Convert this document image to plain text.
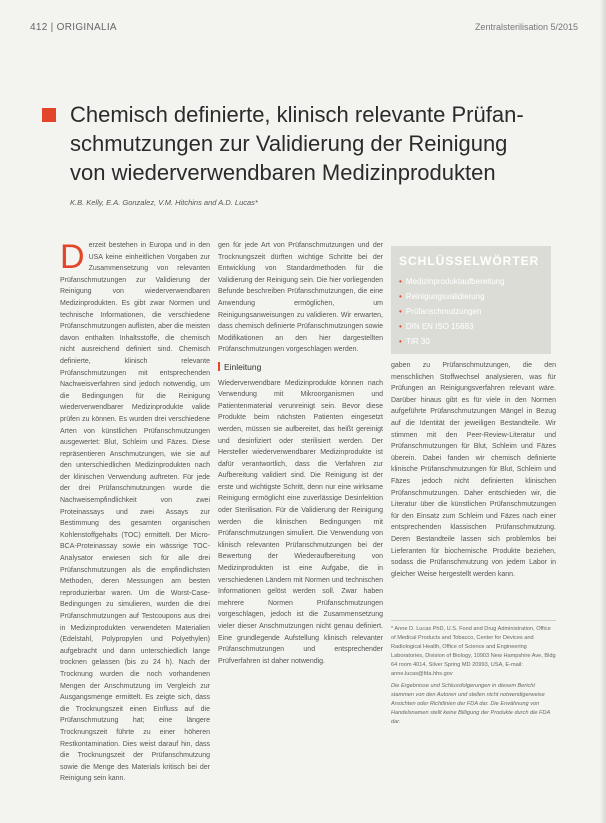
412 | ORIGINALIA	Zentralsterilisation 5/2015
Chemisch definierte, klinisch relevante Prüfan-
schmutzungen zur Validierung der Reinigung
von wiederverwendbaren Medizinprodukten
K.B. Kelly, E.A. Gonzalez, V.M. Hitchins and A.D. Lucas*
D erzeit bestehen in Europa und in den USA keine einheitlichen Vorgaben zur Zusammensetzung von relevanten Prüfanschmutzungen zur Validierung der Reinigung von wiederverwendbaren Medizinprodukten. Es gibt zwar Normen und technische Informationen, die verschiedene Prüfanschmutzungen auflisten, aber die meisten davon enthalten Inhaltsstoffe, die chemisch nicht ausreichend definiert sind. Chemisch definierte, klinisch relevante Prüfanschmutzungen mit entsprechenden Nachweisverfahren sind jedoch notwendig, um die Bedingungen für die Reinigung wiederverwendbarer Medizinprodukte valide prüfen zu können. Es wurden drei verschiedene Arten von künstlichen Prüfanschmutzungen ausgewertet: Blut, Schleim und Fäzes. Diese repräsentieren Anschmutzungen, wie sie auf den unterschiedlichen Medizinprodukten nach der klinischen Verwendung auftreten. Für jede der drei Prüfanschmutzungen wurde die Nachweisempfindlichkeit von zwei Proteinassays und zwei Assays zur Bestimmung des gesamten organischen Kohlenstoffgehalts (TOC) ermittelt. Der Micro-BCA-Proteinassay sowie ein wässrige TOC-Analysator erwiesen sich für alle drei Prüfanschmutzungen als die empfindlichsten Methoden, deren Messungen am besten reproduzierbar waren. Um die Worst-Case-Bedingungen zu simulieren, wurden die drei Prüfanschmutzungen auf Testcoupons aus drei in Medizinprodukten verwendeten Materialien (Edelstahl, Polypropylen und Polyethylen) aufgebracht und dann unterschiedlich lange trocknen gelassen (bis zu 24 h). Nach der Trocknung wurden die noch vorhandenen Mengen der Anschmutzung im Vergleich zur Ausgangsmenge ermittelt. Es zeigte sich, dass die Trocknungszeit einen Einfluss auf die Prüfanschmutzung hat; eine längere Trocknungszeit führte zu einer höheren Restkontamination. Dies weist darauf hin, dass die Trocknungszeit der Prüfanschmutzung sowie die Menge des Materials kritisch bei der Reinigung sein kann.
gen für jede Art von Prüfanschmutzungen und der Trocknungszeit dürften wichtige Schritte bei der Entwicklung von Standardmethoden für die Validierung der Reinigung sein. Die hier vorliegenden Befunde beschreiben Prüfanschmutzungen, die eine Anwendung ermöglichen, um Reinigungsanweisungen zu validieren. Wir erwarten, dass chemisch definierte Prüfanschmutzungen sowie Modifikationen an den hier dargestellten Prüfanschmutzungen vorgeschlagen werden.
Einleitung
Wiederverwendbare Medizinprodukte können nach Verwendung mit Mikroorganismen und Patientenmaterial verunreinigt sein. Bevor diese Produkte beim nächsten Patienten eingesetzt werden, müssen sie aufbereitet, das heißt gereinigt und desinfiziert oder sterilisiert werden. Der Hersteller wiederverwendbarer Medizinprodukte ist dafür verantwortlich, dass die Verfahren zur Aufbereitung validiert sind. Die Reinigung ist der erste und wichtigste Schritt, denn nur eine wirksame Reinigung ermöglicht eine zuverlässige Desinfektion oder Sterilisation. Für die Validierung der Reinigung werden die klinischen Bedingungen mit Prüfanschmutzungen simuliert. Die Verwendung von klinisch relevanten Prüfanschmutzungen bei der Bewertung der Wiederaufbereitung von Medizinprodukten ist eine Aufgabe, die in verschiedenen Ländern mit Normen und technischen Informationen gelöst werden soll. Zwar haben mehrere Normen Prüfanschmutzungen vorgeschlagen, jedoch ist die Zusammensetzung vieler dieser Anschmutzungen nicht genau definiert. Eine grundlegende Aufstellung klinisch relevanter Prüfanschmutzungen und entsprechender Prüfverfahren ist daher notwendig.
SCHLÜSSELWÖRTER
• Medizinproduktaufbereitung
• Reinigungsvalidierung
• Prüfanschmutzungen
• DIN EN ISO 15883
• TIR 30
gaben zu Prüfanschmutzungen, die den menschlichen Stoffwechsel analysieren, was für Prüfungen an Reinigungsverfahren relevant wäre. Darüber hinaus gibt es für viele in den Normen aufgeführte Prüfanschmutzungen Mängel in Bezug auf die Identität der jeweiligen Bestandteile. Wir stimmen mit den Peer-Review-Literatur und Prüfanschmutzungen für Blut, Schleim und Fäzes überein. Dabei fanden wir chemisch definierte klinische Prüfanschmutzungen für Blut, Schleim und Fäzes jedoch nicht definierten klinischen Prüfanschmutzungen. Daher entschieden wir, die Literatur über die künstlichen Prüfanschmutzungen für den Einsatz zum Schleim und Fäzes nach einer entsprechenden klassischen Prüfanschmutzung. Deren Bestandteile lassen sich problemlos bei Lieferanten für biochemische Produkte beziehen, sodass die Prüfanschmutzung von jedem Labor in gleicher Weise hergestellt werden kann.

* Anne D. Lucas PhD, U.S. Food and Drug Administration, Office of Medical Products and Tobacco, Center for Devices and Radiological Health, Office of Science and Engineering Laboratories, Division of Biology, 10903 New Hampshire Ave, Bldg 64 room 4014, Silver Spring MD 20993, USA, E-mail: anne.lucas@fda.hhs.gov

Die Ergebnisse und Schlussfolgerungen in diesem Bericht stammen von den Autoren und stellen nicht notwendigerweise Ansichten oder Richtlinien der FDA dar. Die Erwähnung von Handelsnamen stellt keine Billigung der Produkte durch die FDA dar.
